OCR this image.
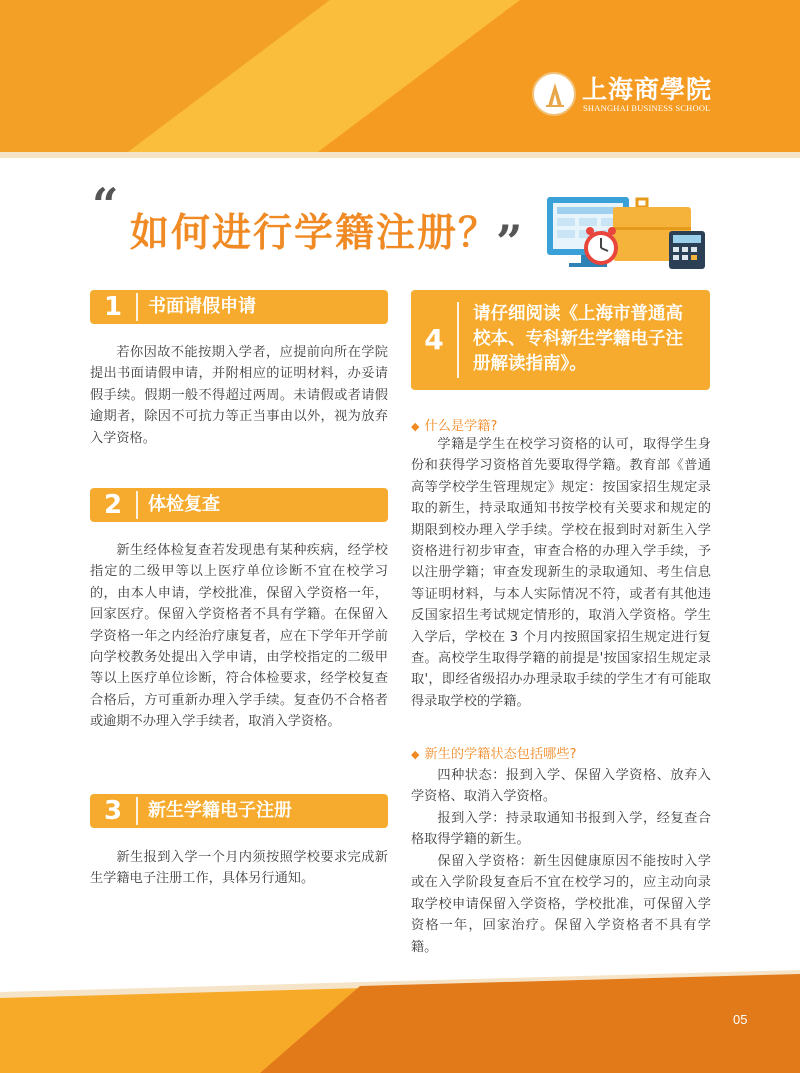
上海商學院
SHANGHAI BUSINESS SCHOOL
“
如何进行学籍注册？
”
1	书面请假申请

若你因故不能按期入学者，应提前向所在学院提出书面请假申请，并附相应的证明材料，办妥请假手续。假期一般不得超过两周。未请假或者请假逾期者，除因不可抗力等正当事由以外，视为放弃入学资格。

2	体检复查

新生经体检复查若发现患有某种疾病，经学校指定的二级甲等以上医疗单位诊断不宜在校学习的，由本人申请，学校批准，保留入学资格一年，回家医疗。保留入学资格者不具有学籍。在保留入学资格一年之内经治疗康复者，应在下学年开学前向学校教务处提出入学申请，由学校指定的二级甲等以上医疗单位诊断，符合体检要求，经学校复查合格后，方可重新办理入学手续。复查仍不合格者或逾期不办理入学手续者，取消入学资格。

3	新生学籍电子注册

新生报到入学一个月内须按照学校要求完成新生学籍电子注册工作，具体另行通知。

4
请仔细阅读《上海市普通高校本、专科新生学籍电子注册解读指南》。
◆ 什么是学籍?

学籍是学生在校学习资格的认可，取得学生身份和获得学习资格首先要取得学籍。教育部《普通高等学校学生管理规定》规定：按国家招生规定录取的新生，持录取通知书按学校有关要求和规定的期限到校办理入学手续。学校在报到时对新生入学资格进行初步审查，审查合格的办理入学手续，予以注册学籍；审查发现新生的录取通知、考生信息等证明材料，与本人实际情况不符，或者有其他违反国家招生考试规定情形的，取消入学资格。学生入学后，学校在 3 个月内按照国家招生规定进行复查。高校学生取得学籍的前提是'按国家招生规定录取'，即经省级招办办理录取手续的学生才有可能取得录取学校的学籍。

◆ 新生的学籍状态包括哪些?

四种状态：报到入学、保留入学资格、放弃入学资格、取消入学资格。

报到入学：持录取通知书报到入学，经复查合格取得学籍的新生。

保留入学资格：新生因健康原因不能按时入学或在入学阶段复查后不宜在校学习的，应主动向录取学校申请保留入学资格，学校批准，可保留入学资格一年，回家治疗。保留入学资格者不具有学籍。

05
